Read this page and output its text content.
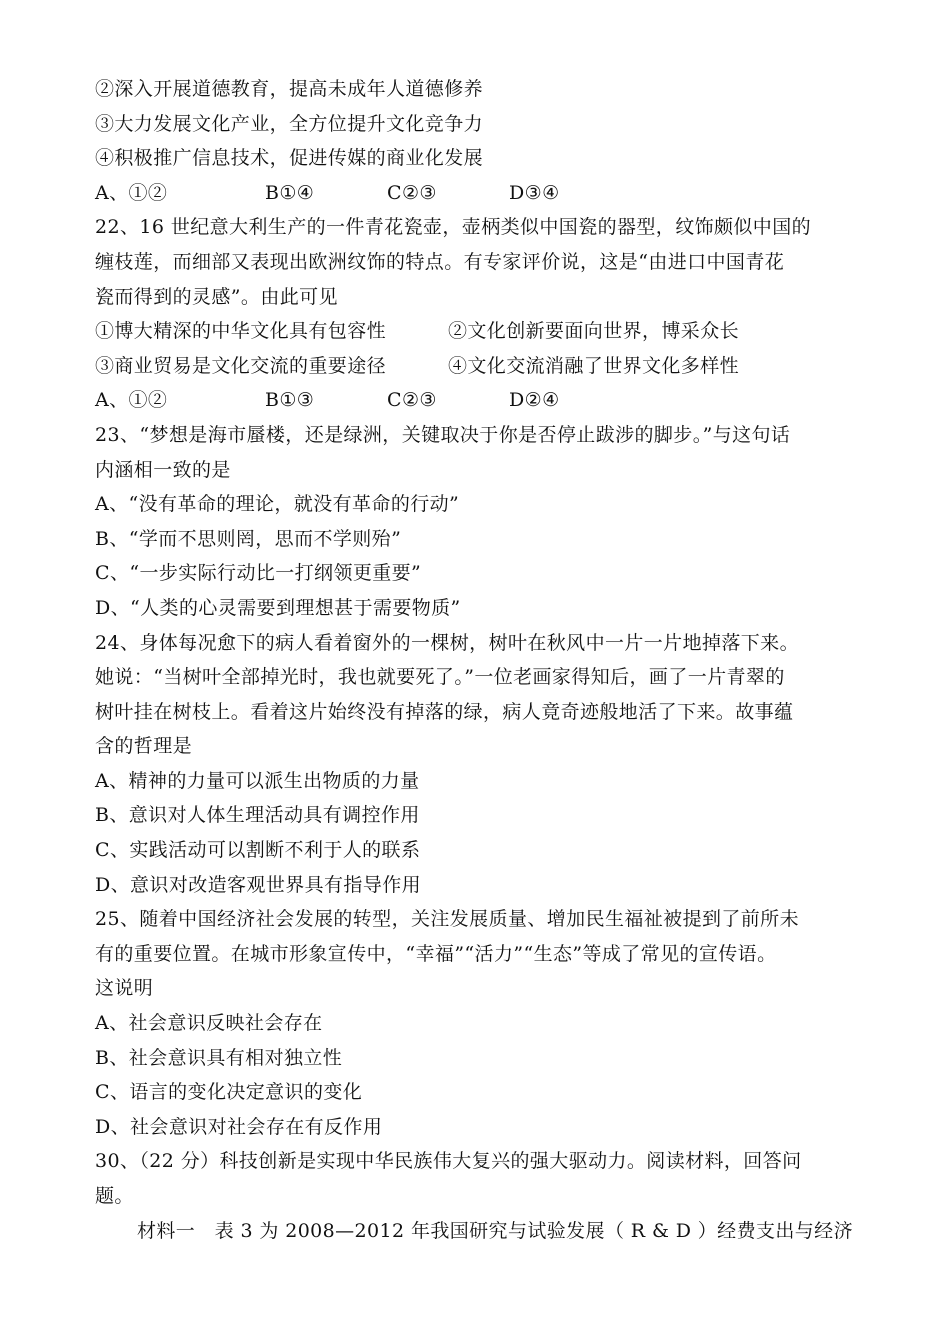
②深入开展道德教育，提高未成年人道德修养
③大力发展文化产业，全方位提升文化竞争力
④积极推广信息技术，促进传媒的商业化发展
A、①②	B①④	C②③	D③④
22、16 世纪意大利生产的一件青花瓷壶，壶柄类似中国瓷的器型，纹饰颇似中国的
缠枝莲，而细部又表现出欧洲纹饰的特点。有专家评价说，这是“由进口中国青花
瓷而得到的灵感”。由此可见
①博大精深的中华文化具有包容性	②文化创新要面向世界，博采众长
③商业贸易是文化交流的重要途径	④文化交流消融了世界文化多样性
A、①②	B①③	C②③	D②④
23、“梦想是海市蜃楼，还是绿洲，关键取决于你是否停止跋涉的脚步。”与这句话
内涵相一致的是
A、“没有革命的理论，就没有革命的行动”
B、“学而不思则罔，思而不学则殆”
C、“一步实际行动比一打纲领更重要”
D、“人类的心灵需要到理想甚于需要物质”
24、身体每况愈下的病人看着窗外的一棵树，树叶在秋风中一片一片地掉落下来。
她说：“当树叶全部掉光时，我也就要死了。”一位老画家得知后，画了一片青翠的
树叶挂在树枝上。看着这片始终没有掉落的绿，病人竟奇迹般地活了下来。故事蕴
含的哲理是
A、精神的力量可以派生出物质的力量
B、意识对人体生理活动具有调控作用
C、实践活动可以割断不利于人的联系
D、意识对改造客观世界具有指导作用
25、随着中国经济社会发展的转型，关注发展质量、增加民生福祉被提到了前所未
有的重要位置。在城市形象宣传中，“幸福”“活力”“生态”等成了常见的宣传语。
这说明
A、社会意识反映社会存在
B、社会意识具有相对独立性
C、语言的变化决定意识的变化
D、社会意识对社会存在有反作用
30、（22 分）科技创新是实现中华民族伟大复兴的强大驱动力。阅读材料，回答问
题。
材料一　表 3 为 2008—2012 年我国研究与试验发展（ R & D ）经费支出与经济
